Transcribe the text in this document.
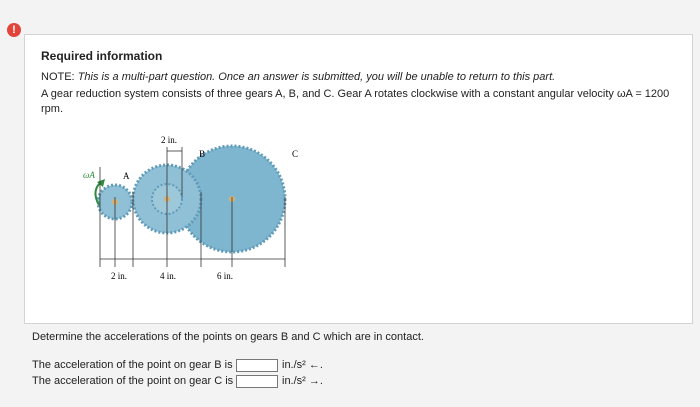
!
Required information
NOTE: This is a multi-part question. Once an answer is submitted, you will be unable to return to this part.
A gear reduction system consists of three gears A, B, and C. Gear A rotates clockwise with a constant angular velocity ωA = 1200 rpm.
ωA	A
B	C
2 in.
2 in.	4 in.	6 in.
Determine the accelerations of the points on gears B and C which are in contact.
The acceleration of the point on gear B is	in./s² ←.
The acceleration of the point on gear C is	in./s² →.
